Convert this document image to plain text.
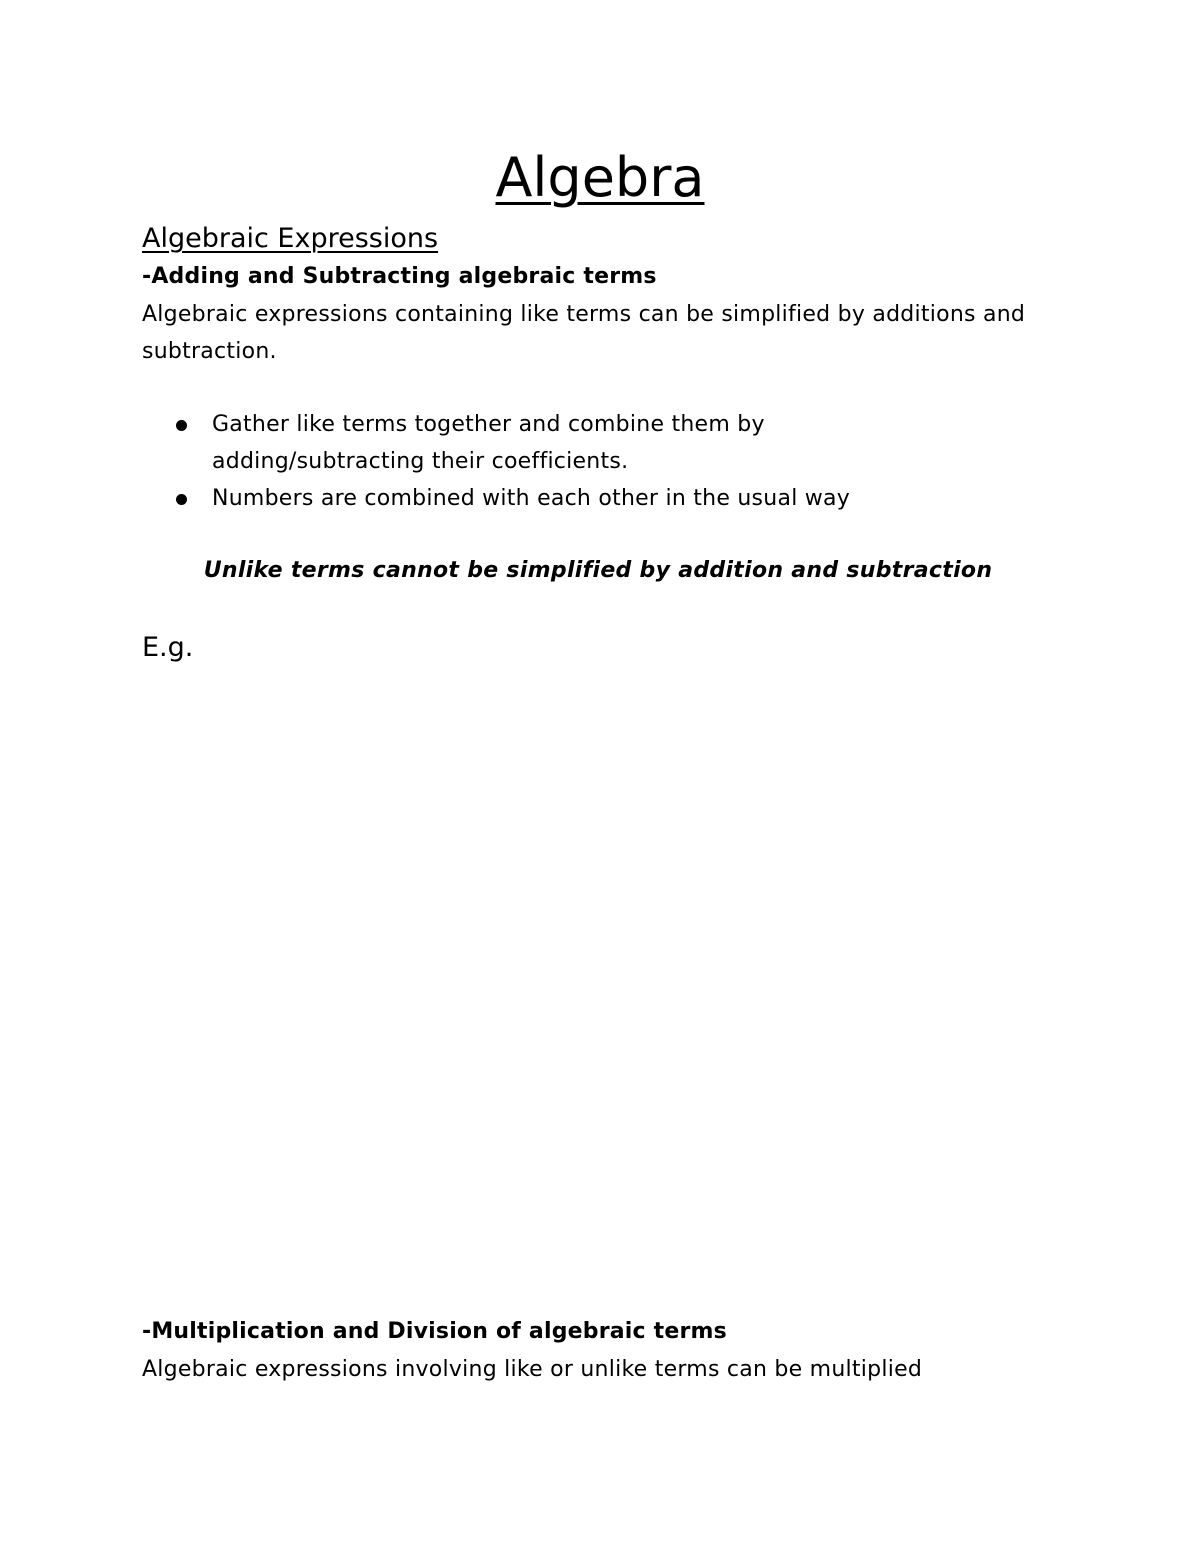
Algebra
Algebraic Expressions
-Adding and Subtracting algebraic terms
Algebraic expressions containing like terms can be simplified by additions and subtraction.
Gather like terms together and combine them by adding/subtracting their coefficients.
Numbers are combined with each other in the usual way
Unlike terms cannot be simplified by addition and subtraction
E.g.
-Multiplication and Division of algebraic terms
Algebraic expressions involving like or unlike terms can be multiplied
